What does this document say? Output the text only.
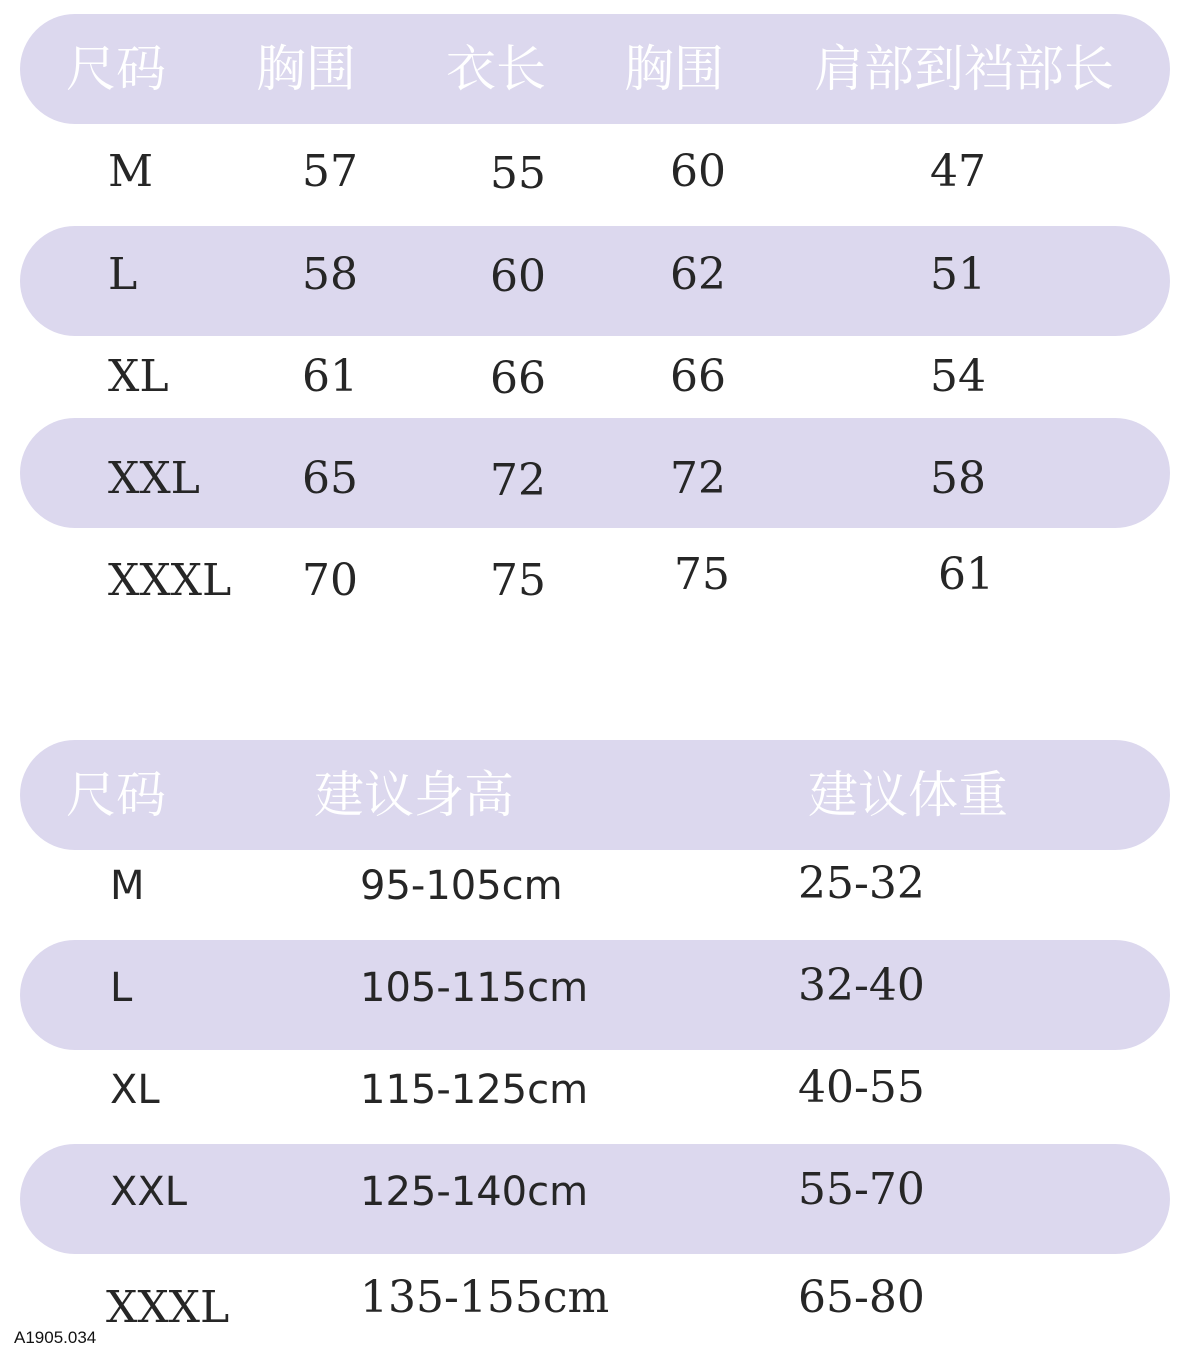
尺码 胸围 衣长 胸围 肩部到裆部长
M	57	55	60	47
L	58	60	62	51
XL	61	66	66	54
XXL 65	72	72	58
XXXL 70	75	75	61
尺码	建议身高	建议体重
M	95-105cm	25-32
L	105-115cm	32-40
XL	115-125cm	40-55
XXL	125-140cm	55-70
XXXL	135-155cm	65-80
A1905.034
